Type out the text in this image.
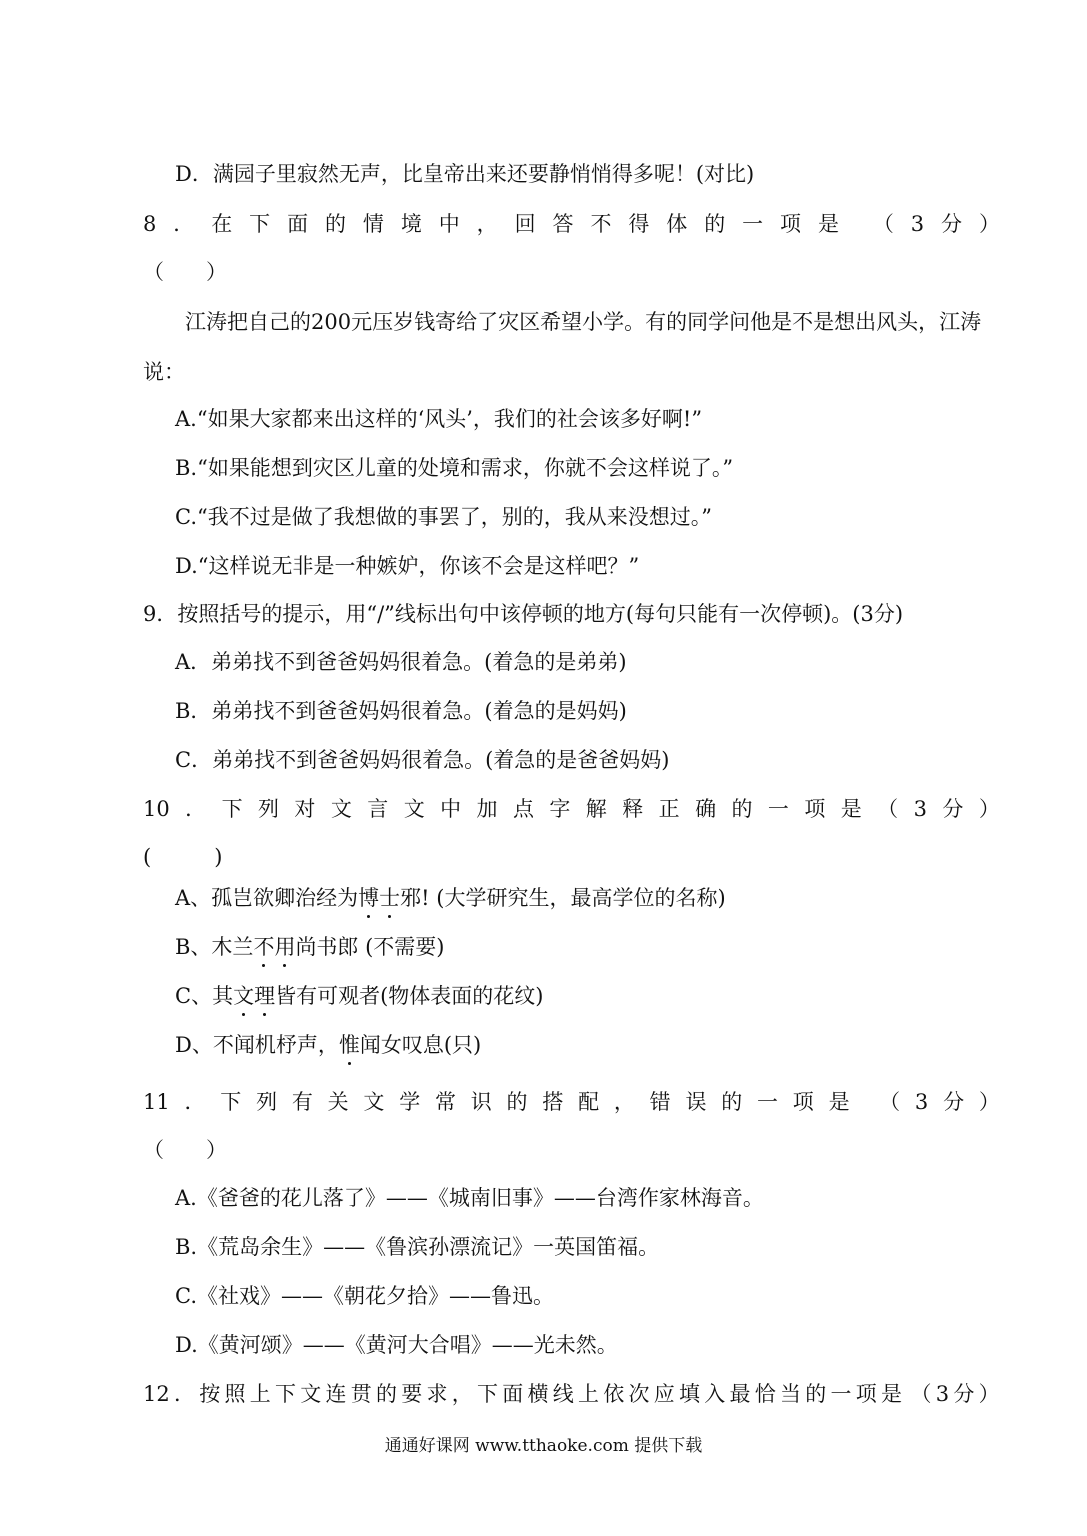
D．满园子里寂然无声，比皇帝出来还要静悄悄得多呢！(对比)
8 ． 在 下 面 的 情 境 中 ， 回 答 不 得 体 的 一 项 是 （ 3 分 ）
（　　）
江涛把自己的200元压岁钱寄给了灾区希望小学。有的同学问他是不是想出风头，江涛
说：
A.“如果大家都来出这样的‘风头’，我们的社会该多好啊!”
B.“如果能想到灾区儿童的处境和需求，你就不会这样说了。”
C.“我不过是做了我想做的事罢了，别的，我从来没想过。”
D.“这样说无非是一种嫉妒，你该不会是这样吧？”
9．按照括号的提示，用“/”线标出句中该停顿的地方(每句只能有一次停顿)。(3分)
A．弟弟找不到爸爸妈妈很着急。(着急的是弟弟)
B．弟弟找不到爸爸妈妈很着急。(着急的是妈妈)
C．弟弟找不到爸爸妈妈很着急。(着急的是爸爸妈妈)
10 ． 下 列 对 文 言 文 中 加 点 字 解 释 正 确 的 一 项 是 （ 3 分 ）
(　　　)
A、孤岂欲卿治经为博士邪! (大学研究生，最高学位的名称)
B、木兰不用尚书郎 (不需要)
C、其文理皆有可观者(物体表面的花纹)
D、不闻机杼声，惟闻女叹息(只)
11 ． 下 列 有 关 文 学 常 识 的 搭 配 ， 错 误 的 一 项 是 （ 3 分 ）
（　　）
A.《爸爸的花儿落了》——《城南旧事》——台湾作家林海音。
B.《荒岛余生》——《鲁滨孙漂流记》一英国笛福。
C.《社戏》——《朝花夕拾》——鲁迅。
D.《黄河颂》——《黄河大合唱》——光未然。
12 ． 按 照 上 下 文 连 贯 的 要 求 ， 下 面 横 线 上 依 次 应 填 入 最 恰 当 的 一 项 是 （ 3 分 ）
通通好课网 www.tthaoke.com 提供下载
